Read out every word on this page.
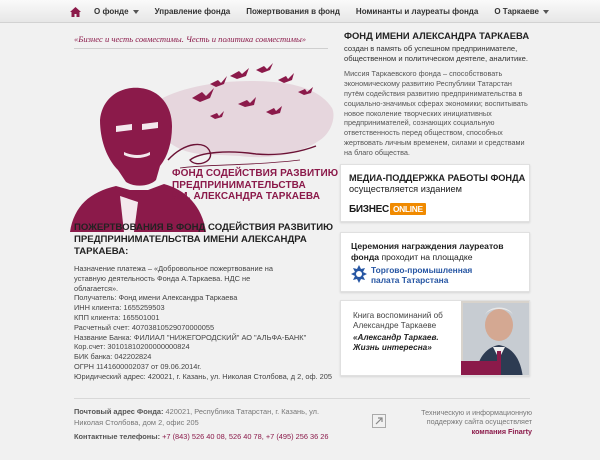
О фонде	Управление фонда Пожертвования в фонд Номинанты и лауреаты фонда О Таркаеве
«Бизнес и честь совместимы. Честь и политика совместимы»
ФОНД СОДЕЙСТВИЯ РАЗВИТИЮ
ПРЕДПРИНИМАТЕЛЬСТВА
ИМ. АЛЕКСАНДРА ТАРКАЕВА
ПОЖЕРТВОВАНИЯ В ФОНД СОДЕЙСТВИЯ РАЗВИТИЮ ПРЕДПРИНИМАТЕЛЬСТВА ИМЕНИ АЛЕКСАНДРА ТАРКАЕВА:
Назначение платежа – «Добровольное пожертвование на уставную деятельность Фонда А.Таркаева. НДС не облагается».
Получатель: Фонд имени Александра Таркаева
ИНН клиента: 1655259503
КПП клиента: 165501001
Расчетный счет: 40703810529070000055
Название Банка: ФИЛИАЛ "НИЖЕГОРОДСКИЙ" АО "АЛЬФА-БАНК"
Кор.счет: 30101810200000000824
БИК банка: 042202824
ОГРН 1141600002037 от 09.06.2014г.
Юридический адрес: 420021, г. Казань, ул. Николая Столбова, д 2, оф. 205
ФОНД ИМЕНИ АЛЕКСАНДРА ТАРКАЕВА

создан в память об успешном предпринимателе, общественном и политическом деятеле, аналитике.

Миссия Таркаевского фонда – способствовать экономическому развитию Республики Татарстан путём содействия развитию предпринимательства в социально-значимых сферах экономики; воспитывать новое поколение творческих инициативных предпринимателей, сознающих социальную ответственность перед обществом, способных жертвовать личным временем, силами и средствами на благо общества.

МЕДИА-ПОДДЕРЖКА РАБОТЫ ФОНДА осуществляется изданием
БИЗНЕС ONLINE
Церемония награждения лауреатов фонда проходит на площадке
Торгово-промышленная палата Татарстана
Книга воспоминаний об Александре Таркаеве
«Александр Таркаев. Жизнь интересна»
Почтовый адрес Фонда: 420021, Республика Татарстан, г. Казань, ул. Николая Столбова, дом 2, офис 205
Контактные телефоны: +7 (843) 526 40 08, 526 40 78, +7 (495) 256 36 26
Техническую и информационную поддержку сайта осуществляет
компания Finarty
